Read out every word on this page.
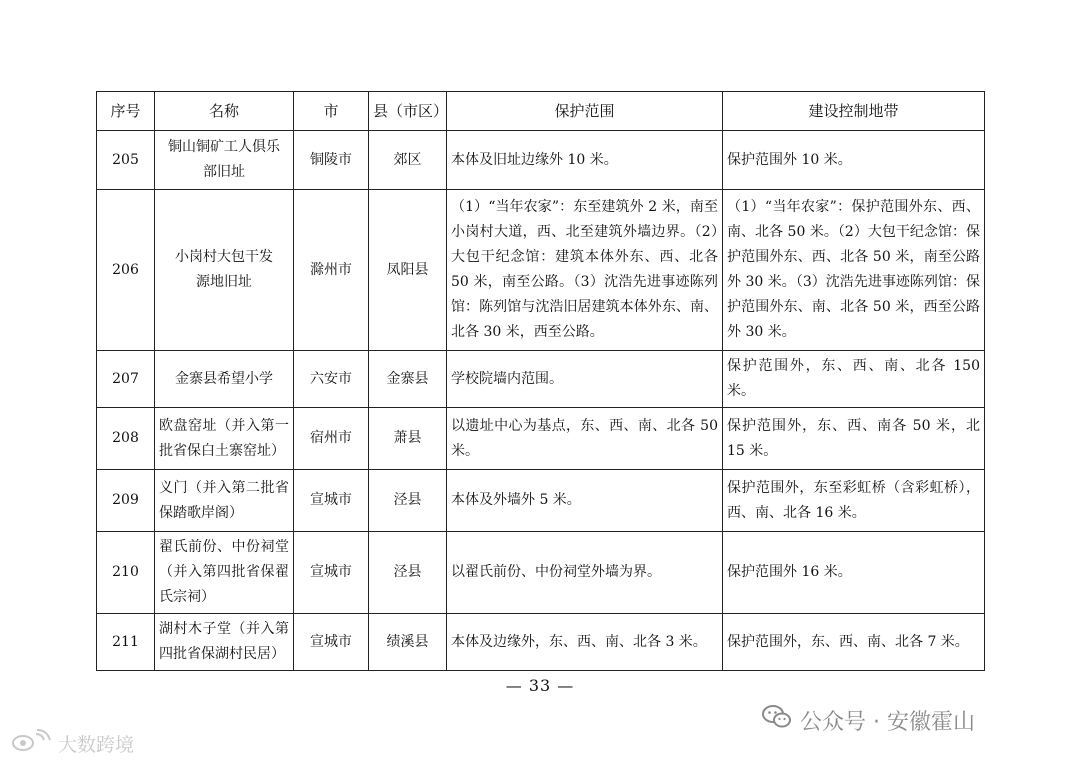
序号	名称	市	县（市区）	保护范围	建设控制地带
205	铜山铜矿工人俱乐部旧址	铜陵市	郊区	本体及旧址边缘外 10 米。	保护范围外 10 米。
206	小岗村大包干发源地旧址	滁州市	凤阳县	（1）“当年农家”：东至建筑外 2 米，南至小岗村大道，西、北至建筑外墙边界。（2）大包干纪念馆：建筑本体外东、西、北各 50 米，南至公路。（3）沈浩先进事迹陈列馆：陈列馆与沈浩旧居建筑本体外东、南、北各 30 米，西至公路。	（1）“当年农家”：保护范围外东、西、南、北各 50 米。（2）大包干纪念馆：保护范围外东、西、北各 50 米，南至公路外 30 米。（3）沈浩先进事迹陈列馆：保护范围外东、南、北各 50 米，西至公路外 30 米。
207	金寨县希望小学	六安市	金寨县	学校院墙内范围。	保护范围外，东、西、南、北各 150 米。
208	欧盘窑址（并入第一批省保白土寨窑址）	宿州市	萧县	以遗址中心为基点，东、西、南、北各 50 米。	保护范围外，东、西、南各 50 米，北 15 米。
209	义门（并入第二批省保踏歌岸阁）	宣城市	泾县	本体及外墙外 5 米。	保护范围外，东至彩虹桥（含彩虹桥），西、南、北各 16 米。
210	翟氏前份、中份祠堂（并入第四批省保翟氏宗祠）	宣城市	泾县	以翟氏前份、中份祠堂外墙为界。	保护范围外 16 米。
211	湖村木子堂（并入第四批省保湖村民居）	宣城市	绩溪县	本体及边缘外，东、西、南、北各 3 米。	保护范围外，东、西、南、北各 7 米。
— 33 —
大数跨境
公众号 · 安徽霍山
